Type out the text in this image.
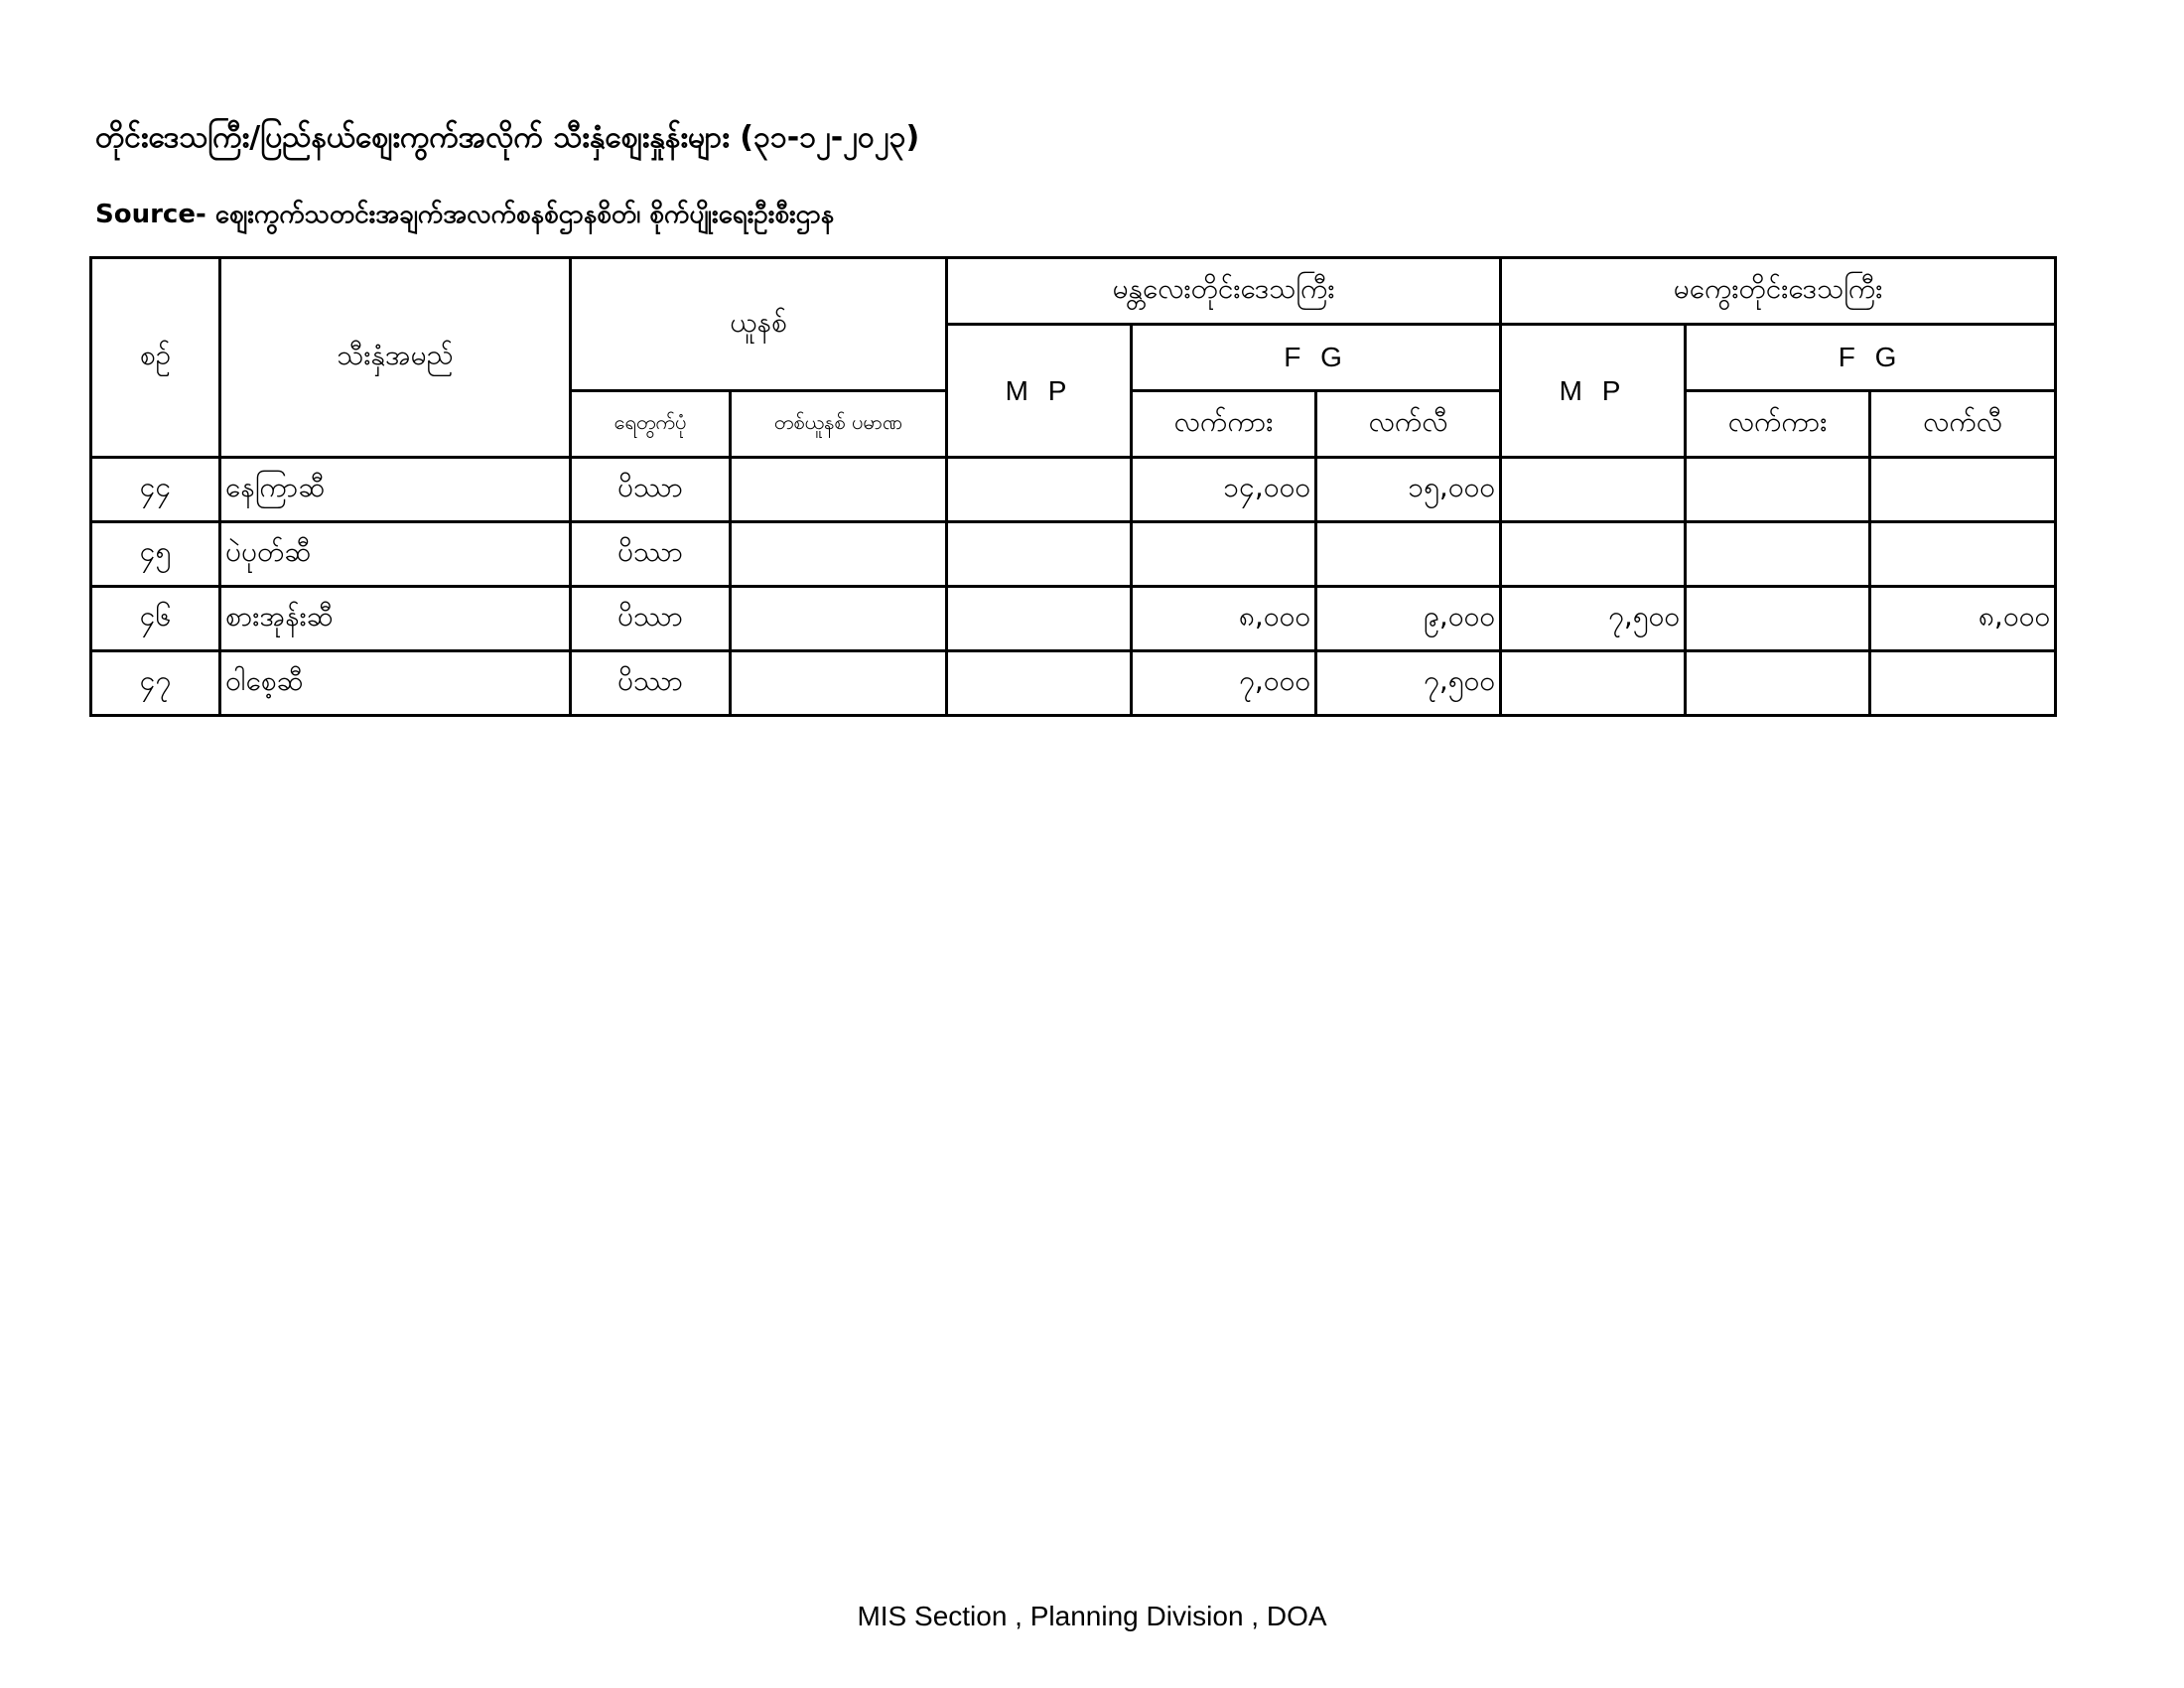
တိုင်းဒေသကြီး/ပြည်နယ်ဈေးကွက်အလိုက် သီးနှံဈေးနှုန်းများ (၃၁-၁၂-၂၀၂၃)
Source- ဈေးကွက်သတင်းအချက်အလက်စနစ်ဌာနစိတ်၊ စိုက်ပျိုးရေးဦးစီးဌာန
စဉ်	သီးနှံအမည်	ယူနစ်		မန္တလေးတိုင်းဒေသကြီး			မကွေးတိုင်းဒေသကြီး		
				M P	F G		M P	F G	
		ရေတွက်ပုံ	တစ်ယူနစ် ပမာဏ		လက်ကား	လက်လီ		လက်ကား	လက်လီ
၄၄	နေကြာဆီ	ပိဿာ			၁၄,၀၀၀	၁၅,၀၀၀			
၄၅	ပဲပုတ်ဆီ	ပိဿာ							
၄၆	စားအုန်းဆီ	ပိဿာ			၈,၀၀၀	၉,၀၀၀	၇,၅၀၀		၈,၀၀၀
၄၇	ဝါစေ့ဆီ	ပိဿာ			၇,၀၀၀	၇,၅၀၀			
MIS Section , Planning Division , DOA
